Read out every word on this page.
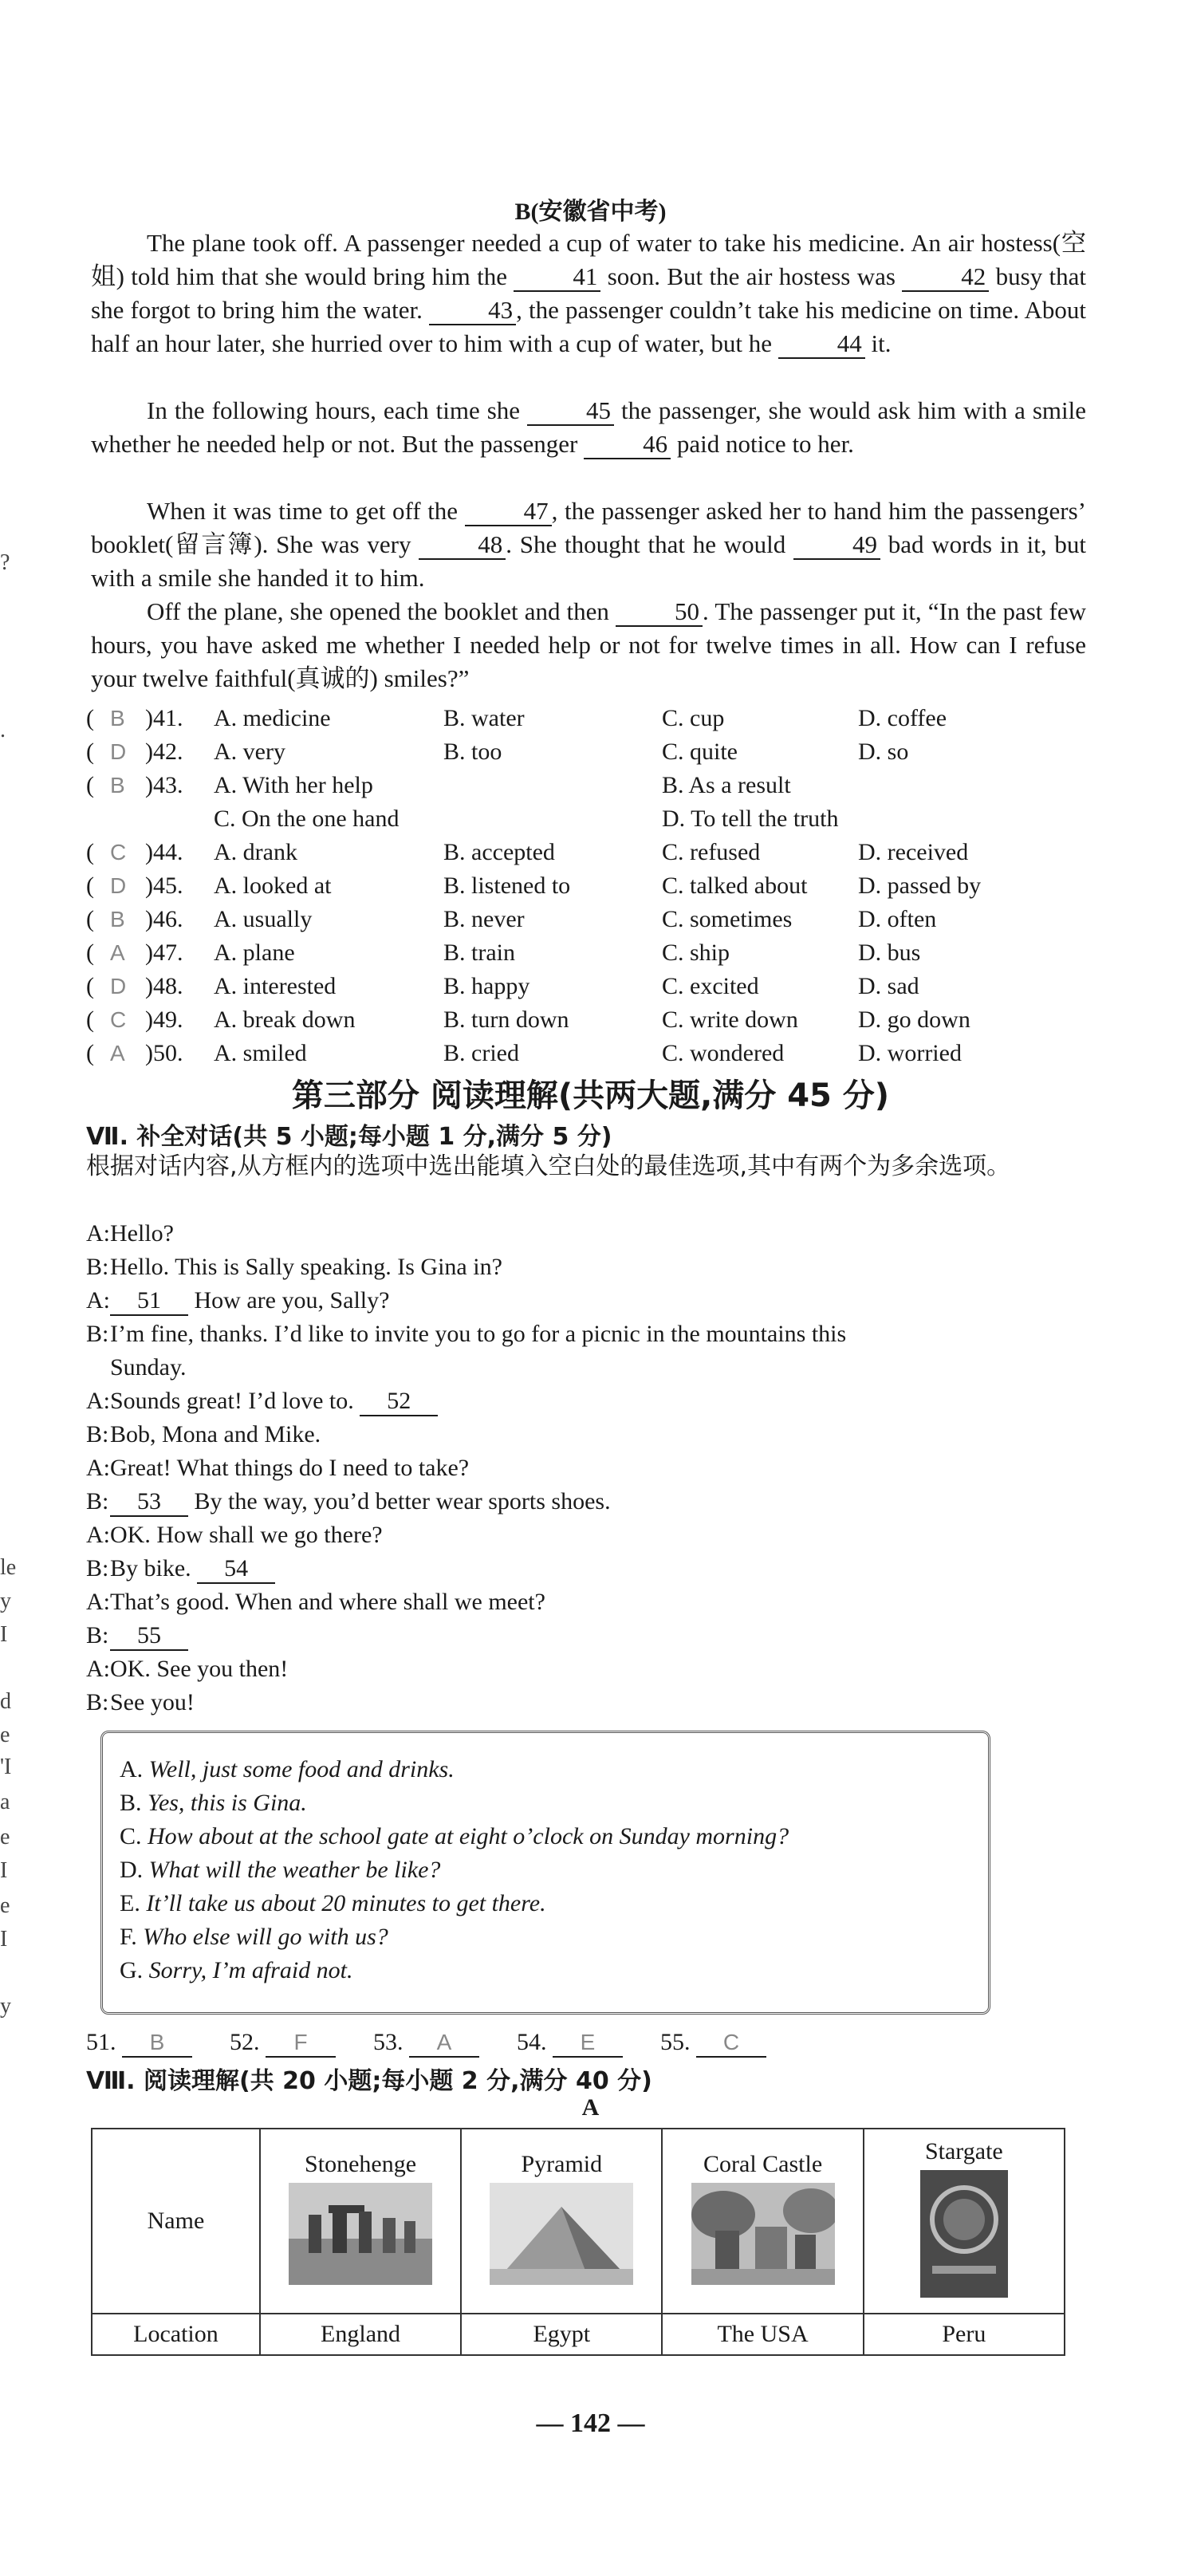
B(安徽省中考)
The plane took off. A passenger needed a cup of water to take his medicine. An air hostess(空姐) told him that she would bring him the	41 soon. But the air hostess was	42 busy that she forgot to bring him the water.	43 , the passenger couldn’t take his medicine on time. About half an hour later, she hurried over to him with a cup of water, but he	44 it.
In the following hours, each time she	45 the passenger, she would ask him with a smile whether he needed help or not. But the passenger	46 paid notice to her.
When it was time to get off the	47 , the passenger asked her to hand him the passengers’ booklet(留言簿). She was very	48 . She thought that he would	49 bad words in it, but with a smile she handed it to him.
Off the plane, she opened the booklet and then	50 . The passenger put it, “In the past few hours, you have asked me whether I needed help or not for twelve times in all. How can I refuse your twelve faithful(真诚的) smiles?”
( B )41. A. medicine	B. water	C. cup	D. coffee
( D )42. A. very	B. too	C. quite	D. so
( B )43. A. With her help	B. As a result
C. On the one hand	D. To tell the truth
( C )44. A. drank	B. accepted	C. refused	D. received
( D )45. A. looked at	B. listened to	C. talked about D. passed by
( B )46. A. usually	B. never	C. sometimes	D. often
( A )47. A. plane	B. train	C. ship	D. bus
( D )48. A. interested	B. happy	C. excited	D. sad
( C )49. A. break down	B. turn down	C. write down	D. go down
( A )50. A. smiled	B. cried	C. wondered	D. worried
第三部分 阅读理解(共两大题,满分 45 分)
Ⅶ. 补全对话(共 5 小题;每小题 1 分,满分 5 分)
根据对话内容,从方框内的选项中选出能填入空白处的最佳选项,其中有两个为多余选项。
A:Hello?
B:Hello. This is Sally speaking. Is Gina in?
A: 51 How are you, Sally?
B:I’m fine, thanks. I’d like to invite you to go for a picnic in the mountains this
Sunday.
A:Sounds great! I’d love to. 52
B:Bob, Mona and Mike.
A:Great! What things do I need to take?
B: 53 By the way, you’d better wear sports shoes.
A:OK. How shall we go there?
B:By bike. 54
A:That’s good. When and where shall we meet?
B: 55
A:OK. See you then!
B:See you!
A. Well, just some food and drinks.
B. Yes, this is Gina.
C. How about at the school gate at eight o’clock on Sunday morning?
D. What will the weather be like?
E. It’ll take us about 20 minutes to get there.
F. Who else will go with us?
G. Sorry, I’m afraid not.
51. B	52. F	53. A	54. E	55. C
Ⅷ. 阅读理解(共 20 小题;每小题 2 分,满分 40 分)
A
Name	Stonehenge	Pyramid	Coral Castle	Stargate

Location	England	Egypt	The USA	Peru
— 142 —
?
.
le
y
I
d
e
'I
a
e
I
e
I
y
